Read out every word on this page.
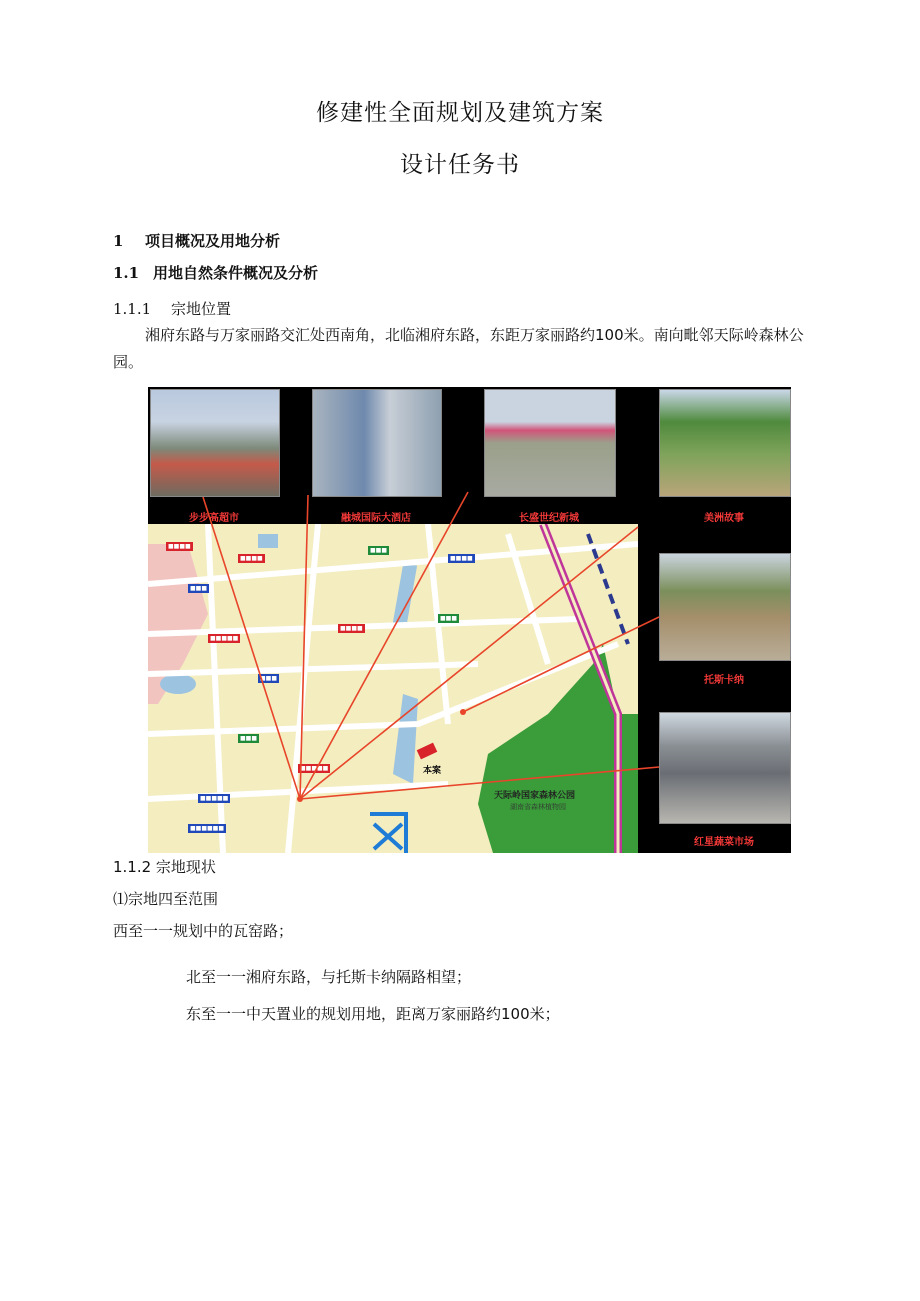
修建性全面规划及建筑方案
设计任务书
1 项目概况及用地分析
1.1 用地自然条件概况及分析
1.1.1 宗地位置
湘府东路与万家丽路交汇处西南角，北临湘府东路，东距万家丽路约100米。南向毗邻天际岭森林公园。
步步高超市	融城国际大酒店	长盛世纪新城	美洲故事
托斯卡纳
红星蔬菜市场
■■■■
■■■
■■■■
■■■
■■■■
■■■■■
■■■■
■■■
■■■
■■■
■■■■■
■■■■■
■■■■■■
本案
天际岭国家森林公园
湖南省森林植物园
1.1.2 宗地现状
⑴宗地四至范围
西至一一规划中的瓦窑路；
北至一一湘府东路，与托斯卡纳隔路相望；
东至一一中天置业的规划用地，距离万家丽路约100米；
